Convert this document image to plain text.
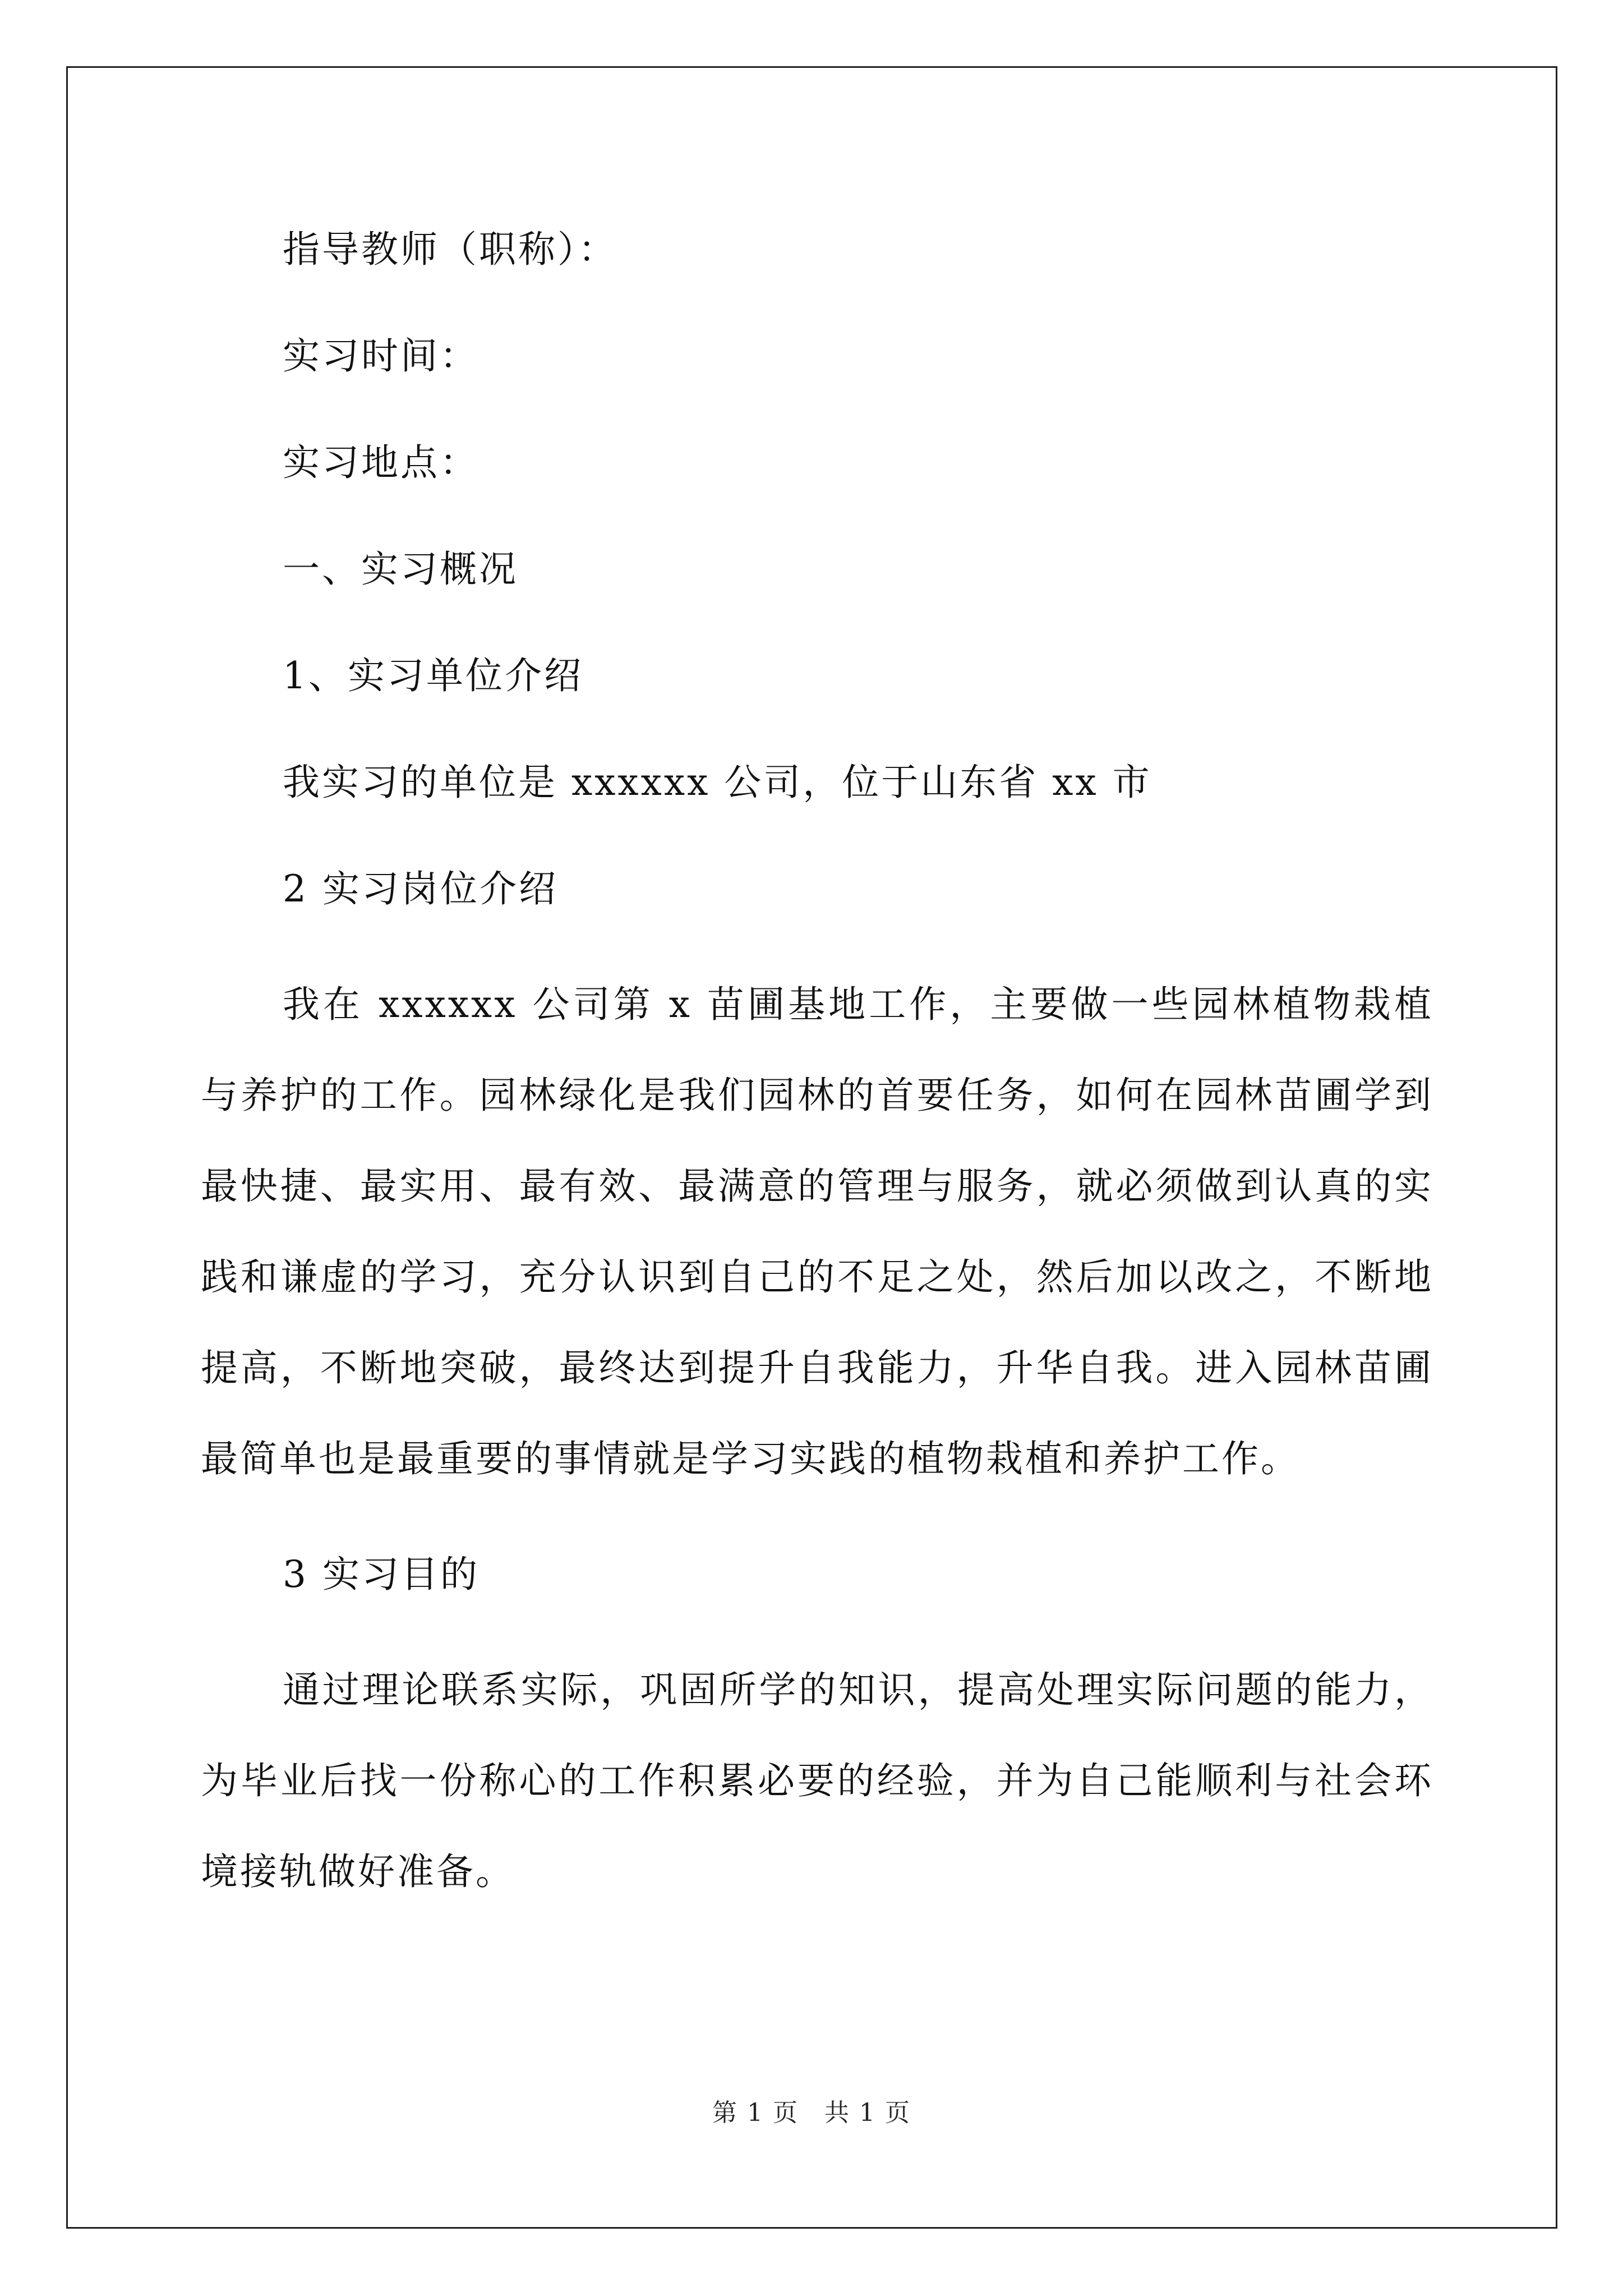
指导教师（职称）：

实习时间：

实习地点：

一、实习概况

1、实习单位介绍

我实习的单位是 xxxxxx 公司，位于山东省 xx 市

2 实习岗位介绍

我在 xxxxxx 公司第 x 苗圃基地工作，主要做一些园林植物栽植与养护的工作。园林绿化是我们园林的首要任务，如何在园林苗圃学到最快捷、最实用、最有效、最满意的管理与服务，就必须做到认真的实践和谦虚的学习，充分认识到自己的不足之处，然后加以改之，不断地提高，不断地突破，最终达到提升自我能力，升华自我。进入园林苗圃最简单也是最重要的事情就是学习实践的植物栽植和养护工作。

3 实习目的

通过理论联系实际，巩固所学的知识，提高处理实际问题的能力，为毕业后找一份称心的工作积累必要的经验，并为自己能顺利与社会环境接轨做好准备。

第 1 页　共 1 页
